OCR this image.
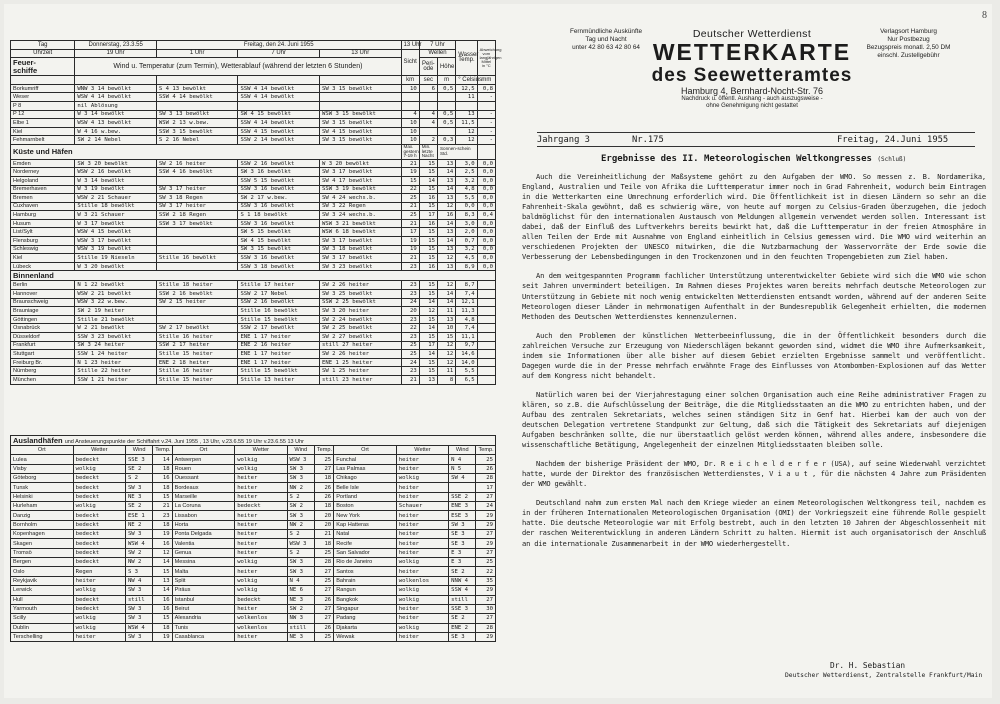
8
Tag	Donnerstag, 23.3.55	Freitag, den 24. Juni 1955			13 Uhr	7 Uhr		Wasser Temp.	Abweichung vom langjährigen Mittel in °C
Uhrzeit	19 Uhr	1 Uhr	7 Uhr	13 Uhr	Sicht	Wellen			
Feuer-
schiffe	Wind u. Temperatur (zum Termin), Wetterablauf (während der letzten 6 Stunden)					Peri-ode	Höhe		
					km	sec	m	° Celsius	mm
Borkumriff	WNW 3 14 bewölkt	S 4 13 bewölkt	SSW 4 14 bewölkt	SW 3 15 bewölkt	10	6	0,5	12,5	0,8
Weser	WSW 4 14 bewölkt	SSW 4 14 bewölkt	SSW 4 14 bewölkt					11	-
P 8	nil Ablösung								
P 12	W 3 14 bewölkt	SW 3 13 bewölkt	SW 4 15 bewölkt	WSW 3 15 bewölkt	4	4	0,5	13	-
Elbe 1	WSW 4 13 bewölkt	WSW 2 13 w.bew.	SSW 4 14 bewölkt	SW 3 15 bewölkt	10	4	0,5	11,5	-
Kiel	W 4 16 w.bew.	SSW 3 15 bewölkt	SSW 4 15 bewölkt	SW 4 15 bewölkt	10			12	-
Fehmarnbelt	SW 2 14 Nebel	S 2 16 Nebel	SSW 2 14 bewölkt	SW 3 15 bewölkt	10	2	0,3	12	-
Küste und Häfen					Max. gestern 7-19 h	Min. letzte Nacht	Sonnen-schein Std.		
Emden	SW 3 20 bewölkt	SW 2 16 heiter	SSW 2 16 bewölkt	W 3 20 bewölkt	21	15	13	3,0	0,0
Norderney	WSW 2 16 bewölkt	SSW 4 16 bewölkt	SW 3 16 bewölkt	SW 3 17 bewölkt	19	15	14	2,5	0,0
Helgoland	W 3 14 bewölkt		SSW 5 15 bewölkt	SW 4 17 bewölkt	15	14	13	3,2	0,0
Bremerhaven	W 3 19 bewölkt	SW 3 17 heiter	SSW 3 16 bewölkt	SSW 3 19 bewölkt	22	15	14	4,8	0,0
Bremen	WSW 2 21 Schauer	SW 3 18 Regen	SW 2 17 w.bew.	SW 4 24 wechs.b.	25	16	13	5,5	0,0
Cuxhaven	Stille 18 bewölkt	SW 3 17 heiter	SSW 3 16 bewölkt	SW 3 22 Regen	21	15	12	0,0	0,0
Hamburg	W 3 21 Schauer	SSW 2 18 Regen	S 1 18 bewölkt	SW 3 24 wechs.b.	25	17	16	8,3	0,4
Husum	W 3 17 bewölkt	SSW 3 17 bewölkt	SSW 3 16 bewölkt	WSW 3 21 bewölkt	21	16	14	3,0	0,0
List/Sylt	WSW 4 15 bewölkt		SW 5 15 bewölkt	WSW 6 18 bewölkt	17	15	13	2,0	0,0
Flensburg	WSW 3 17 bewölkt		SW 4 15 bewölkt	SW 3 17 bewölkt	19	15	14	0,7	0,0
Schleswig	WSW 3 19 bewölkt		SW 3 15 bewölkt	SW 3 18 bewölkt	19	15	13	3,2	0,0
Kiel	Stille 19 Nieseln	Stille 16 bewölkt	SSW 3 16 bewölkt	SW 3 17 bewölkt	21	15	12	4,5	0,0
Lübeck	W 3 20 bewölkt		SSW 3 18 bewölkt	SW 3 23 bewölkt	23	16	13	8,9	0,0
Binnenland									
Berlin	N 1 22 bewölkt	Stille 18 heiter	Stille 17 heiter	SW 2 26 heiter	23	15	12	8,7	
Hannover	WSW 2 21 bewölkt	SSW 2 16 bewölkt	SSW 2 17 Nebel	SW 3 25 bewölkt	23	15	14	7,4	
Braunschweig	WSW 3 22 w.bew.	SW 2 15 heiter	SSW 2 16 bewölkt	SSW 2 25 bewölkt	24	14	14	12,1	
Brauniage	SW 2 19 heiter		Stille 16 bewölkt	SW 3 20 heiter	20	12	11	11,3	
Göttingen	Stille 21 bewölkt		Stille 15 bewölkt	SW 2 24 bewölkt	23	15	13	4,8	
Osnabrück	W 2 21 bewölkt	SW 2 17 bewölkt	SSW 2 17 bewölkt	SW 2 25 bewölkt	22	14	10	7,4	
Düsseldorf	SSW 3 23 bewölkt	Stille 16 heiter	ENE 1 17 heiter	SW 2 27 bewölkt	23	15	15	11,1	
Frankfurt	SW 3 24 heiter	SSW 2 17 heiter	ENE 2 16 heiter	still 27 heiter	25	17	12	9,7	
Stuttgart	SSW 1 24 heiter	Stille 15 heiter	ENE 1 17 heiter	SW 2 26 heiter	25	14	12	14,6	
Freiburg Br.	N 1 23 heiter	ENE 2 18 heiter	ENE 1 17 heiter	ENE 1 25 heiter	24	15	12	14,0	
Nürnberg	Stille 22 heiter	Stille 16 heiter	Stille 15 bewölkt	SW 1 25 heiter	23	15	11	5,5	
München	SSW 1 21 heiter	Stille 15 heiter	Stille 13 heiter	still 23 heiter	21	13	8	6,5	
Auslandhäfen und Ansteuerungspunkte der Schiffahrt v.24. Juni 1955 , 13 Uhr, v.23.6.55 19 Uhr v.23.6.55 13 Uhr											
Ort	Wetter	Wind	Temp.	Ort	Wetter	Wind	Temp.	Ort	Wetter	Wind	Temp.
Lulea	bedeckt	SSE 3	14	Antwerpen	wolkig	WSW 3	25	Funchal	heiter	N 4	25
Visby	wolkig	SE 2	18	Rouen	wolkig	SW 3	27	Las Palmas	heiter	N 5	26
Göteborg	bedeckt	S 2	16	Ouessant	heiter	SW 3	18	Chikago	wolkig	SW 4	28
Tunsk	bedeckt	SW 3	18	Bordeaux	heiter	NW 2	26	Belle Isle	heiter		17
Helsinki	bedeckt	NE 3	15	Marseille	heiter	S 2	26	Portland	heiter	SSE 2	27
Hurleham	wolkig	SE 2	21	La Coruna	bedeckt	SW 2	18	Boston	Schauer	ENE 3	24
Danzig	bedeckt	ESE 1	23	Lissabon	heiter	SW 3	20	New York	heiter	ESE 3	29
Bornholm	bedeckt	NE 2	18	Horta	heiter	NW 2	20	Kap Hatteras	heiter	SW 3	29
Kopenhagen	bedeckt	SW 3	19	Ponta Delgada	heiter	S 2	21	Natal	heiter	SE 3	27
Skagen	bedeckt	WSW 4	16	Valentia	heiter	WSW 3	18	Recife	heiter	SE 3	29
Tromsö	bedeckt	SW 2	12	Genua	heiter	S 2	25	San Salvador	heiter	E 3	27
Bergen	bedeckt	NW 2	14	Messina	wolkig	SW 3	28	Rio de Janeiro	wolkig	E 3	25
Oslo	Regen	S 3	15	Malta	heiter	SW 3	27	Santos	heiter	SE 2	22
Reykjavik	heiter	NW 4	13	Split	wolkig	N 4	25	Bahrain	wolkenlos	NNW 4	35
Lerwick	wolkig	SW 3	14	Piräus	wolkig	NE 6	27	Rangun	wolkig	SSW 4	29
Hull	bedeckt	still	16	Istanbul	bedeckt	NE 3	26	Bangkok	wolkig	still	27
Yarmouth	bedeckt	SW 3	16	Beirut	heiter	SW 2	27	Singapur	heiter	SSE 3	30
Scilly	wolkig	SW 3	15	Alexandria	wolkenlos	NW 3	27	Padang	heiter	SE 2	27
Dublin	wolkig	WSW 4	18	Tunis	wolkenlos	still	26	Djakarta	wolkig	ENE 2	28
Terschelling	heiter	SW 3	19	Casablanca	heiter	NE 3	25	Wewak	heiter	SE 3	29
Fernmündliche Auskünfte
Tag und Nacht
unter 42 80 63 42 80 64
Deutscher Wetterdienst
WETTERKARTE
des Seewetteramtes
Hamburg 4, Bernhard-Nocht-Str. 76
Nachdruck u. öffentl. Aushang - auch auszugsweise -
ohne Genehmigung nicht gestattet
Verlagsort Hamburg
Nur Postbezug
Bezugspreis monatl. 2,50 DM
einschl. Zustellgebühr
Jahrgang 3	Nr.175	Freitag, 24.Juni 1955
Ergebnisse des II. Meteorologischen Weltkongresses (Schluß)

Auch die Vereinheitlichung der Maßsysteme gehört zu den Aufgaben der WMO. So messen z. B. Nordamerika, England, Australien und Teile von Afrika die Lufttemperatur immer noch in Grad Fahrenheit, wodurch beim Eintragen in die Wetterkarten eine Umrechnung erforderlich wird. Die Öffentlichkeit ist in diesen Ländern so sehr an die Fahrenheit-Skala gewöhnt, daß es schwierig wäre, von heute auf morgen zu Celsius-Graden überzugehen, die jedoch baldmöglichst für den internationalen Austausch von Meldungen allgemein verwendet werden sollen. Interessant ist dabei, daß der Einfluß des Luftverkehrs bereits bewirkt hat, daß die Lufttemperatur in der freien Atmosphäre in allen Teilen der Erde mit Ausnahme von England einheitlich in Celsius gemessen wird. Die WMO wird weiterhin an verschiedenen Projekten der UNESCO mitwirken, die die Nutzbarmachung der Wasservorräte der Erde sowie die Verbesserung der Lebensbedingungen in den Trockenzonen und in den feuchten Tropengebieten zum Ziel haben.

An dem weitgespannten Programm fachlicher Unterstützung unterentwickelter Gebiete wird sich die WMO wie schon seit Jahren unvermindert beteiligen. Im Rahmen dieses Projektes waren bereits mehrfach deutsche Meteorologen zur Unterstützung in Gebiete mit noch wenig entwickelten Wetterdiensten entsandt worden, während auf der anderen Seite Meteorologen dieser Länder in mehrmonatigen Aufenthalt in der Bundesrepublik Gelegenheit erhielten, die modernen Methoden des Deutschen Wetterdienstes kennenzulernen.

Auch den Problemen der künstlichen Wetterbeeinflussung, die in der Öffentlichkeit besonders durch die zahlreichen Versuche zur Erzeugung von Niederschlägen bekannt geworden sind, widmet die WMO ihre Aufmerksamkeit, indem sie Informationen über alle bisher auf diesem Gebiet erzielten Ergebnisse sammelt und veröffentlicht. Dagegen wurde die in der Presse mehrfach erwähnte Frage des Einflusses von Atombomben-Explosionen auf das Wetter auf dem Kongress nicht behandelt.

Natürlich waren bei der Vierjahrestagung einer solchen Organisation auch eine Reihe administrativer Fragen zu klären, so z.B. die Aufschlüsselung der Beiträge, die die Mitgliedsstaaten an die WMO zu entrichten haben, und der Aufbau des zentralen Sekretariats, welches seinen ständigen Sitz in Genf hat. Hierbei kam der auch von der deutschen Delegation vertretene Standpunkt zur Geltung, daß sich die Tätigkeit des Sekretariats auf diejenigen Aufgaben beschränken sollte, die nur überstaatlich gelöst werden können, während alles andere, insbesondere die wissenschaftliche Betätigung, Angelegenheit der einzelnen Mitgliedsstaaten bleiben solle.

Nachdem der bisherige Präsident der WMO, Dr. R e i c h e l d e r f e r (USA), auf seine Wiederwahl verzichtet hatte, wurde der Direktor des französischen Wetterdienstes, V i a u t , für die nächsten 4 Jahre zum Präsidenten der WMO gewählt.

Deutschland nahm zum ersten Mal nach dem Kriege wieder an einem Meteorologischen Weltkongress teil, nachdem es in der früheren Internationalen Meteorologischen Organisation (OMI) der Vorkriegszeit eine führende Rolle gespielt hatte. Die deutsche Meteorologie war mit Erfolg bestrebt, auch in den letzten 10 Jahren der Abgeschlossenheit mit der raschen Weiterentwicklung in anderen Ländern Schritt zu halten. Hiermit ist auch organisatorisch der Anschluß an die internationale Zusammenarbeit in der WMO wiederhergestellt.

Dr. H. Sebastian
Deutscher Wetterdienst, Zentralstelle Frankfurt/Main
